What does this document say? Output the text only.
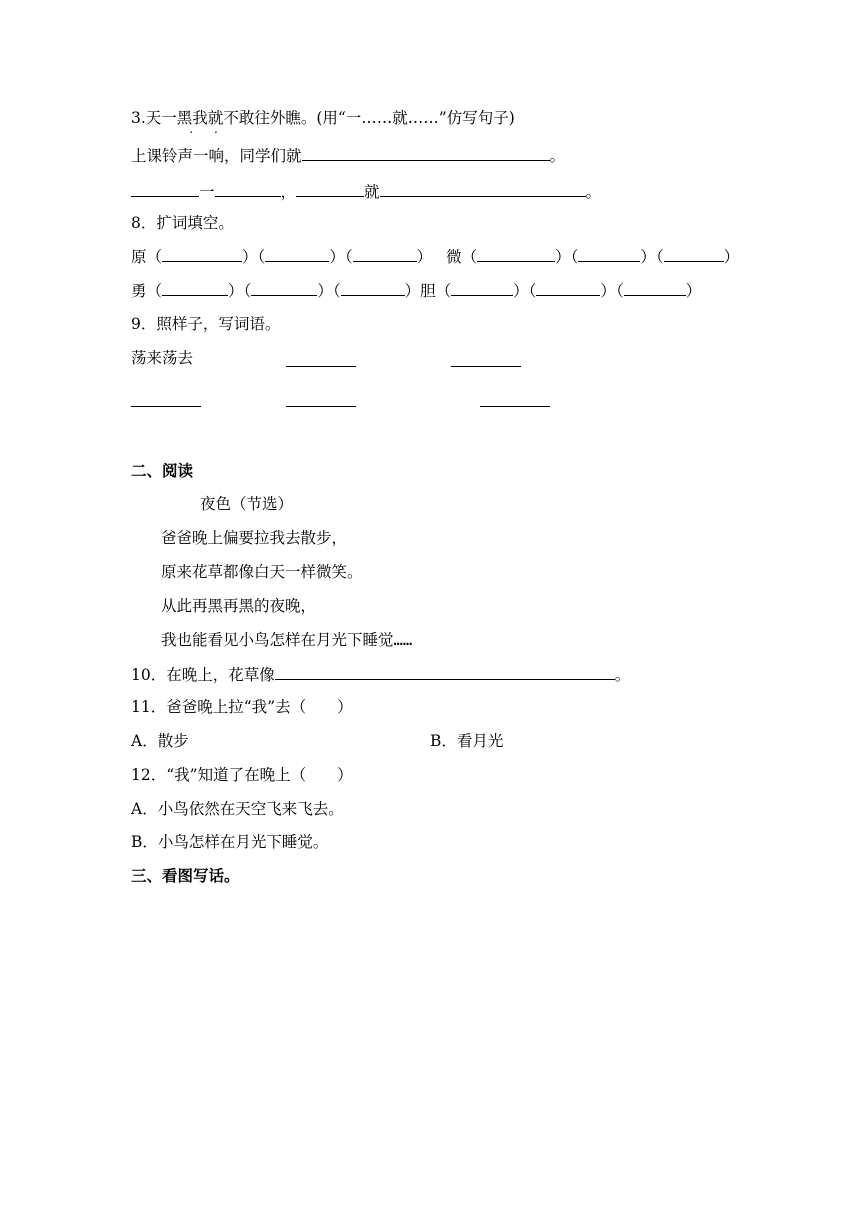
3.天一黑我就不敢往外瞧。(用“一……就……”仿写句子)
上课铃声一响，同学们就	。
一	，	就	。
8．扩词填空。
原（	）（	）（	） 微（	）（	）（	）
勇（	）（	）（	）胆（	）（	）（	）
9．照样子，写词语。
荡来荡去
二、阅读
夜色（节选）
爸爸晚上偏要拉我去散步，
原来花草都像白天一样微笑。
从此再黑再黑的夜晚，
我也能看见小鸟怎样在月光下睡觉……
10．在晚上，花草像	。
11．爸爸晚上拉“我”去（　　）
A．散步	B．看月光
12．“我”知道了在晚上（　　）
A．小鸟依然在天空飞来飞去。
B．小鸟怎样在月光下睡觉。
三、看图写话。
